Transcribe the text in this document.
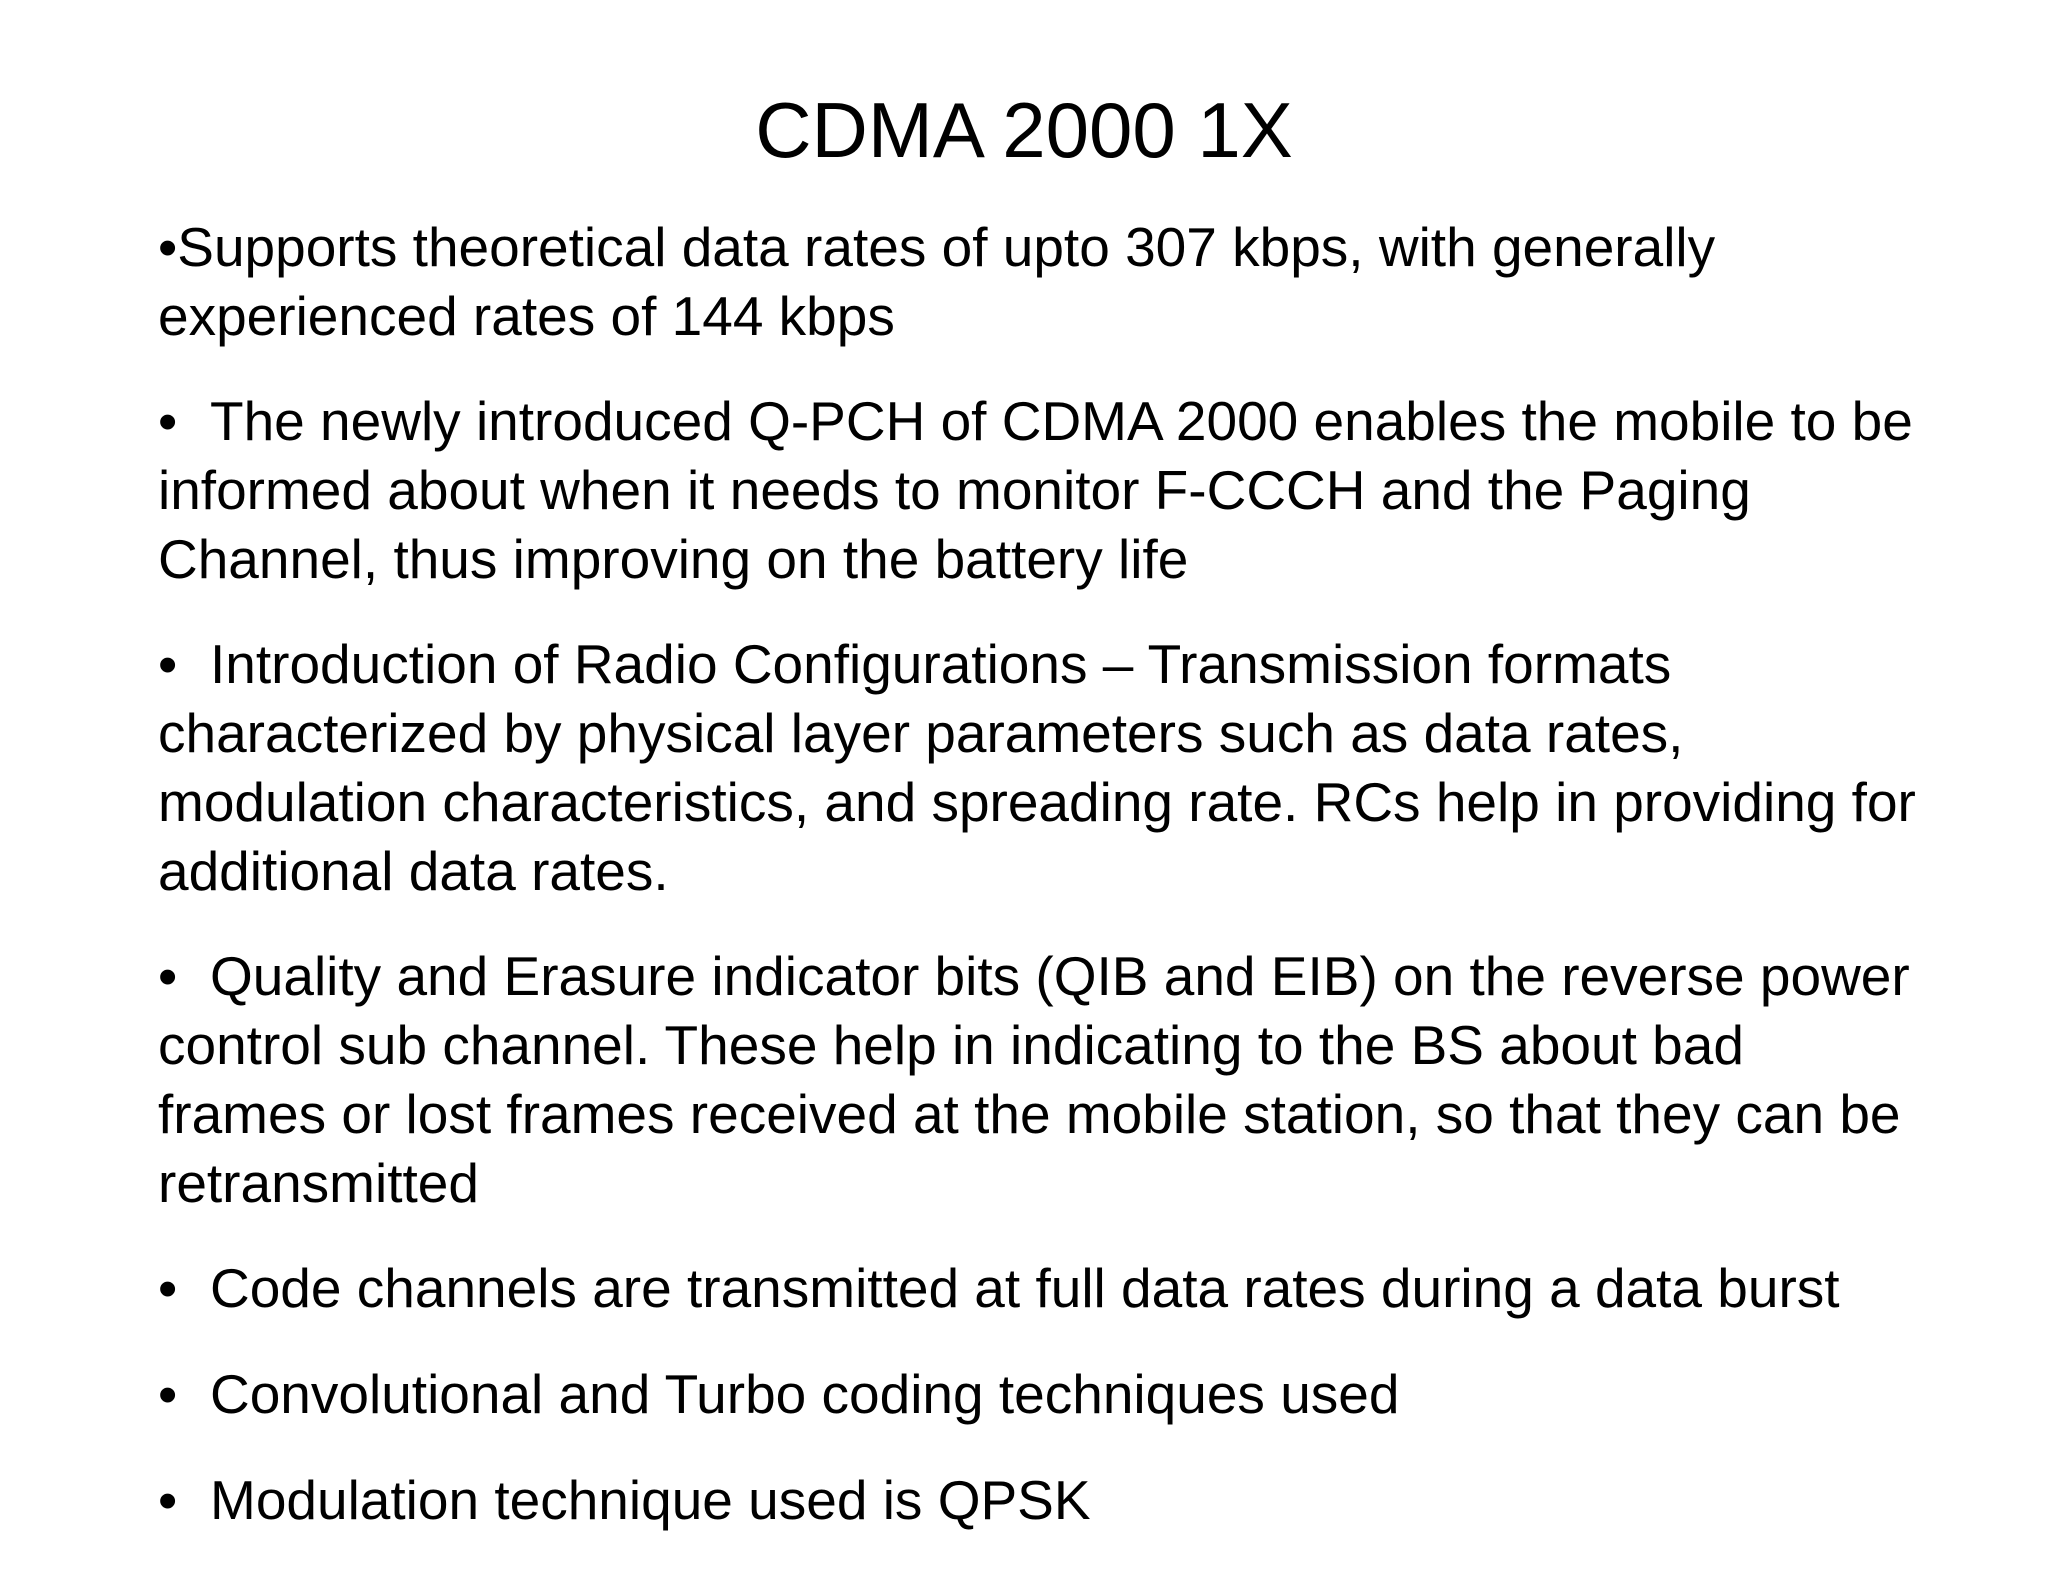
CDMA 2000 1X
•Supports theoretical data rates of upto 307 kbps, with generally experienced rates of 144 kbps
• The newly introduced Q-PCH of CDMA 2000 enables the mobile to be informed about when it needs to monitor F-CCCH and the Paging Channel, thus improving on the battery life
• Introduction of Radio Configurations – Transmission formats characterized by physical layer parameters such as data rates, modulation characteristics, and spreading rate. RCs help in providing for additional data rates.
• Quality and Erasure indicator bits (QIB and EIB) on the reverse power control sub channel. These help in indicating to the BS about bad frames or lost frames received at the mobile station, so that they can be retransmitted
• Code channels are transmitted at full data rates during a data burst
• Convolutional and Turbo coding techniques used
• Modulation technique used is QPSK
